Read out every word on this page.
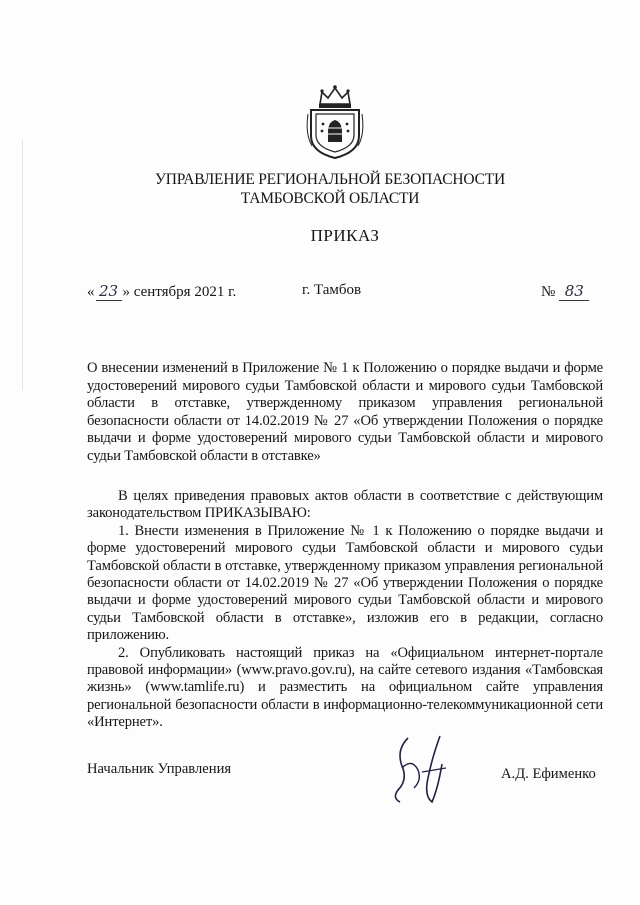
УПРАВЛЕНИЕ РЕГИОНАЛЬНОЙ БЕЗОПАСНОСТИ
ТАМБОВСКОЙ ОБЛАСТИ
ПРИКАЗ
« 23 » сентября 2021 г.	г. Тамбов	№ 83
О внесении изменений в Приложение № 1 к Положению о порядке выдачи и форме удостоверений мирового судьи Тамбовской области и мирового судьи Тамбовской области в отставке, утвержденному приказом управления региональной безопасности области от 14.02.2019 № 27 «Об утверждении Положения о порядке выдачи и форме удостоверений мирового судьи Тамбовской области и мирового судьи Тамбовской области в отставке»

В целях приведения правовых актов области в соответствие с действующим законодательством ПРИКАЗЫВАЮ:

1. Внести изменения в Приложение № 1 к Положению о порядке выдачи и форме удостоверений мирового судьи Тамбовской области и мирового судьи Тамбовской области в отставке, утвержденному приказом управления региональной безопасности области от 14.02.2019 № 27 «Об утверждении Положения о порядке выдачи и форме удостоверений мирового судьи Тамбовской области и мирового судьи Тамбовской области в отставке», изложив его в редакции, согласно приложению.

2. Опубликовать настоящий приказ на «Официальном интернет-портале правовой информации» (www.pravo.gov.ru), на сайте сетевого издания «Тамбовская жизнь» (www.tamlife.ru) и разместить на официальном сайте управления региональной безопасности области в информационно-телекоммуникационной сети «Интернет».

Начальник Управления	А.Д. Ефименко
